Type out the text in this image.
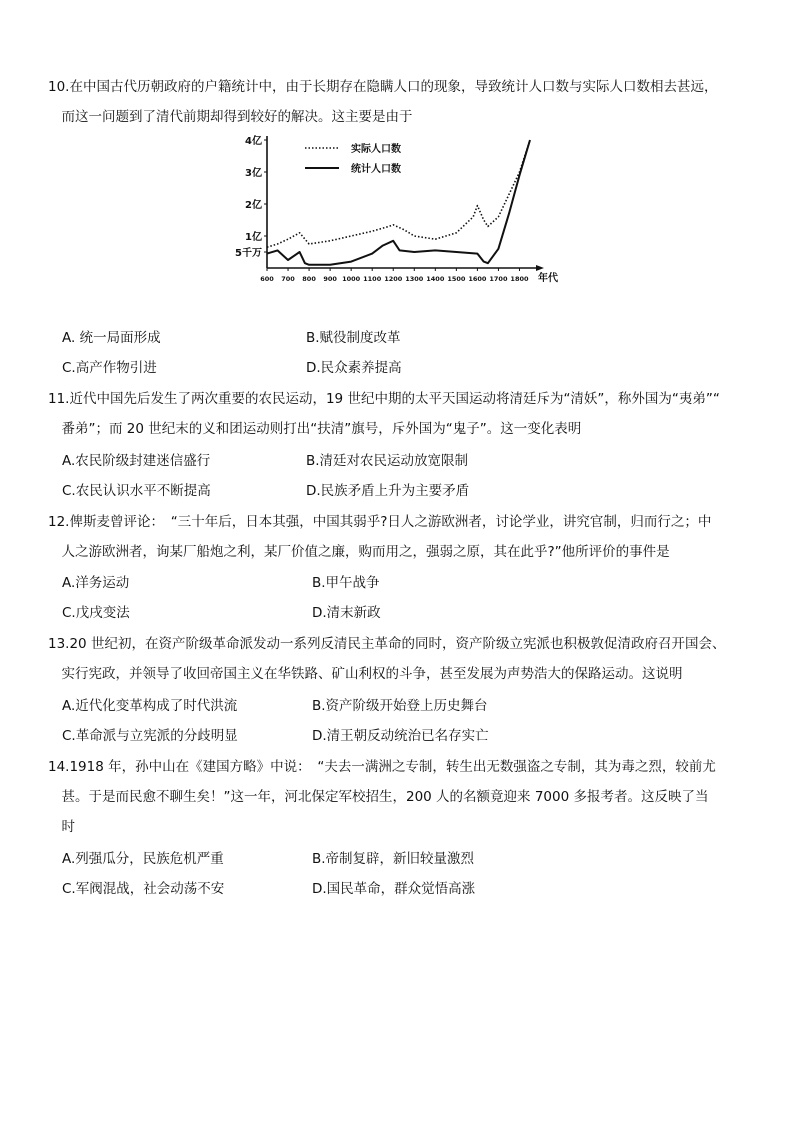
10.在中国古代历朝政府的户籍统计中，由于长期存在隐瞒人口的现象，导致统计人口数与实际人口数相去甚远，

　而这一问题到了清代前期却得到较好的解决。这主要是由于

5千万
1亿
2亿
3亿
4亿
600 700 800 900 1000 1100 1200 1300 1400 1500 1600 1700 1800 年代
实际人口数
统计人口数
A. 统一局面形成	B.赋役制度改革
C.高产作物引进	D.民众素养提高

11.近代中国先后发生了两次重要的农民运动，19 世纪中期的太平天国运动将清廷斥为“清妖”，称外国为“夷弟”“

　番弟”；而 20 世纪末的义和团运动则打出“扶清”旗号，斥外国为“鬼子”。这一变化表明

A.农民阶级封建迷信盛行	B.清廷对农民运动放宽限制
C.农民认识水平不断提高	D.民族矛盾上升为主要矛盾

12.俾斯麦曾评论：　“三十年后，日本其强，中国其弱乎?日人之游欧洲者，讨论学业，讲究官制，归而行之；中

　人之游欧洲者，询某厂船炮之利，某厂价值之廉，购而用之，强弱之原，其在此乎?”他所评价的事件是

A.洋务运动	B.甲午战争
C.戊戌变法	D.清末新政

13.20 世纪初，在资产阶级革命派发动一系列反清民主革命的同时，资产阶级立宪派也积极敦促清政府召开国会、

　实行宪政，并领导了收回帝国主义在华铁路、矿山利权的斗争，甚至发展为声势浩大的保路运动。这说明

A.近代化变革构成了时代洪流	B.资产阶级开始登上历史舞台
C.革命派与立宪派的分歧明显	D.清王朝反动统治已名存实亡

14.1918 年，孙中山在《建国方略》中说：　“夫去一满洲之专制，转生出无数强盗之专制，其为毒之烈，较前尤

　甚。于是而民愈不聊生矣！”这一年，河北保定军校招生，200 人的名额竟迎来 7000 多报考者。这反映了当

　时

A.列强瓜分，民族危机严重	B.帝制复辟，新旧较量激烈
C.军阀混战，社会动荡不安	D.国民革命，群众觉悟高涨
